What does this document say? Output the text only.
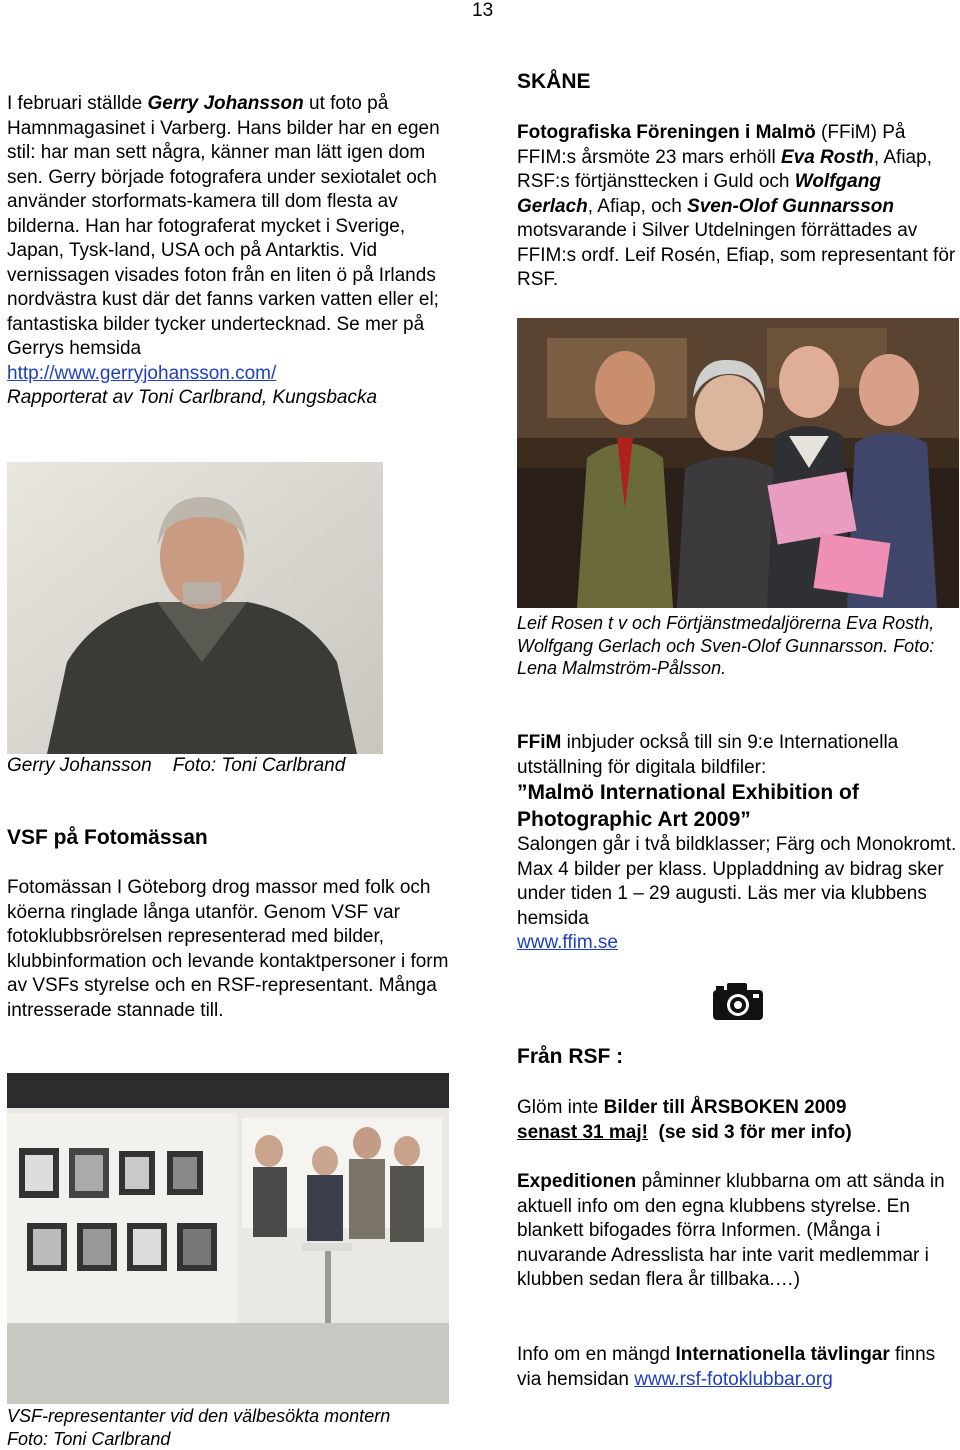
13
I februari ställde Gerry Johansson ut foto på Hamnmagasinet i Varberg. Hans bilder har en egen stil: har man sett några, känner man lätt igen dom sen. Gerry började fotografera under sexiotalet och använder storformats-kamera till dom flesta av bilderna. Han har fotograferat mycket i Sverige, Japan, Tysk-land, USA och på Antarktis. Vid vernissagen visades foton från en liten ö på Irlands nordvästra kust där det fanns varken vatten eller el; fantastiska bilder tycker undertecknad. Se mer på Gerrys hemsida
http://www.gerryjohansson.com/
Rapporterat av Toni Carlbrand, Kungsbacka
Gerry Johansson    Foto: Toni Carlbrand
VSF på Fotomässan
Fotomässan I Göteborg drog massor med folk och köerna ringlade långa utanför. Genom VSF var fotoklubbsrörelsen representerad med bilder, klubbinformation och levande kontaktpersoner i form av VSFs styrelse och en RSF-representant. Många intresserade stannade till.
VSF-representanter vid den välbesökta montern
Foto: Toni Carlbrand
SKÅNE
Fotografiska Föreningen i Malmö (FFiM) På FFIM:s årsmöte 23 mars erhöll Eva Rosth, Afiap, RSF:s förtjänsttecken i Guld och Wolfgang Gerlach, Afiap, och Sven-Olof Gunnarsson motsvarande i Silver Utdelningen förrättades av FFIM:s ordf. Leif Rosén, Efiap, som representant för RSF.
Leif Rosen t v och Förtjänstmedaljörerna Eva Rosth, Wolfgang Gerlach och Sven-Olof Gunnarsson. Foto: Lena Malmström-Pålsson.
FFiM inbjuder också till sin 9:e Internationella utställning för digitala bildfiler:
”Malmö International Exhibition of Photographic Art 2009”
Salongen går i två bildklasser; Färg och Monokromt. Max 4 bilder per klass. Uppladdning av bidrag sker under tiden 1 – 29 augusti. Läs mer via klubbens hemsida
www.ffim.se
Från RSF :
Glöm inte Bilder till ÅRSBOKEN 2009
senast 31 maj!  (se sid 3 för mer info)
Expeditionen påminner klubbarna om att sända in aktuell info om den egna klubbens styrelse. En blankett bifogades förra Informen. (Många i nuvarande Adresslista har inte varit medlemmar i klubben sedan flera år tillbaka.…)
Info om en mängd Internationella tävlingar finns via hemsidan www.rsf-fotoklubbar.org
